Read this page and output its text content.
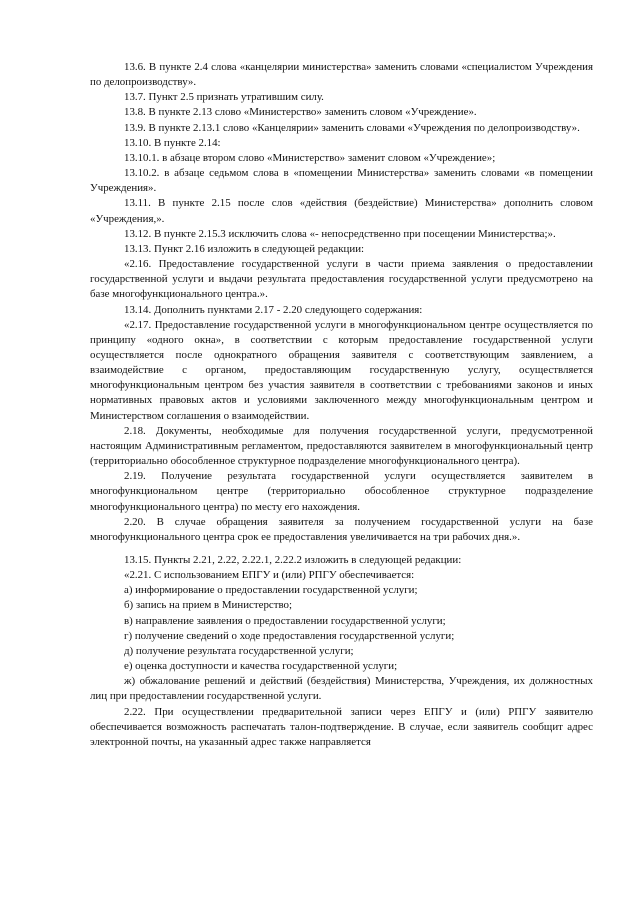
13.6. В пункте 2.4 слова «канцелярии министерства» заменить словами «специалистом Учреждения по делопроизводству».

13.7. Пункт 2.5 признать утратившим силу.

13.8. В пункте 2.13 слово «Министерство» заменить словом «Учреждение».

13.9. В пункте 2.13.1 слово «Канцелярии» заменить словами «Учреждения по делопроизводству».

13.10. В пункте 2.14:

13.10.1. в абзаце втором слово «Министерство» заменит словом «Учреждение»;

13.10.2. в абзаце седьмом слова в «помещении Министерства» заменить словами «в помещении Учреждения».

13.11. В пункте 2.15 после слов «действия (бездействие) Министерства» дополнить словом «Учреждения,».

13.12. В пункте 2.15.3 исключить слова «- непосредственно при посещении Министерства;».

13.13. Пункт 2.16 изложить в следующей редакции:

«2.16. Предоставление государственной услуги в части приема заявления о предоставлении государственной услуги и выдачи результата предоставления государственной услуги предусмотрено на базе многофункционального центра.».

13.14. Дополнить пунктами 2.17 - 2.20 следующего содержания:

«2.17. Предоставление государственной услуги в многофункциональном центре осуществляется по принципу «одного окна», в соответствии с которым предоставление государственной услуги осуществляется после однократного обращения заявителя с соответствующим заявлением, а взаимодействие с органом, предоставляющим государственную услугу, осуществляется многофункциональным центром без участия заявителя в соответствии с требованиями законов и иных нормативных правовых актов и условиями заключенного между многофункциональным центром и Министерством соглашения о взаимодействии.

2.18. Документы, необходимые для получения государственной услуги, предусмотренной настоящим Административным регламентом, предоставляются заявителем в многофункциональный центр (территориально обособленное структурное подразделение многофункционального центра).

2.19. Получение результата государственной услуги осуществляется заявителем в многофункциональном центре (территориально обособленное структурное подразделение многофункционального центра) по месту его нахождения.

2.20. В случае обращения заявителя за получением государственной услуги на базе многофункционального центра срок ее предоставления увеличивается на три рабочих дня.».

13.15. Пункты 2.21, 2.22, 2.22.1, 2.22.2 изложить в следующей редакции:

«2.21. С использованием ЕПГУ и (или) РПГУ обеспечивается:

а) информирование о предоставлении государственной услуги;

б) запись на прием в Министерство;

в) направление заявления о предоставлении государственной услуги;

г) получение сведений о ходе предоставления государственной услуги;

д) получение результата государственной услуги;

е) оценка доступности и качества государственной услуги;

ж) обжалование решений и действий (бездействия) Министерства, Учреждения, их должностных лиц при предоставлении государственной услуги.

2.22. При осуществлении предварительной записи через ЕПГУ и (или) РПГУ заявителю обеспечивается возможность распечатать талон-подтверждение. В случае, если заявитель сообщит адрес электронной почты, на указанный адрес также направляется
